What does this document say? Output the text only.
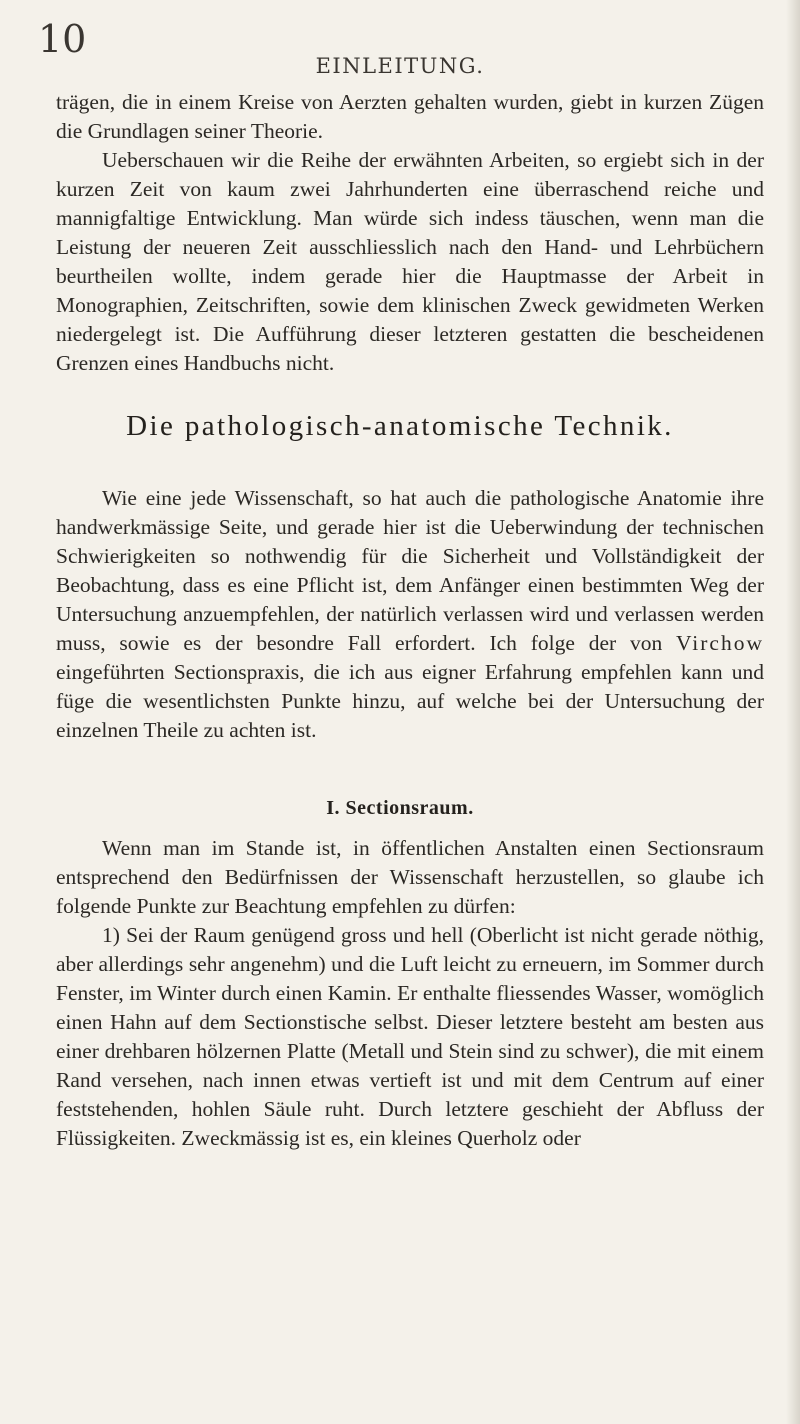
10
EINLEITUNG.

trägen, die in einem Kreise von Aerzten gehalten wurden, giebt in kurzen Zügen die Grundlagen seiner Theorie.

Ueberschauen wir die Reihe der erwähnten Arbeiten, so ergiebt sich in der kurzen Zeit von kaum zwei Jahrhunderten eine überraschend reiche und mannigfaltige Entwicklung. Man würde sich indess täuschen, wenn man die Leistung der neueren Zeit ausschliesslich nach den Hand- und Lehrbüchern beurtheilen wollte, indem gerade hier die Hauptmasse der Arbeit in Monographien, Zeitschriften, sowie dem klinischen Zweck gewidmeten Werken niedergelegt ist. Die Aufführung dieser letzteren gestatten die bescheidenen Grenzen eines Handbuchs nicht.

Die pathologisch-anatomische Technik.

Wie eine jede Wissenschaft, so hat auch die pathologische Anatomie ihre handwerkmässige Seite, und gerade hier ist die Ueberwindung der technischen Schwierigkeiten so nothwendig für die Sicherheit und Vollständigkeit der Beobachtung, dass es eine Pflicht ist, dem Anfänger einen bestimmten Weg der Untersuchung anzuempfehlen, der natürlich verlassen wird und verlassen werden muss, sowie es der besondre Fall erfordert. Ich folge der von Virchow eingeführten Sectionspraxis, die ich aus eigner Erfahrung empfehlen kann und füge die wesentlichsten Punkte hinzu, auf welche bei der Untersuchung der einzelnen Theile zu achten ist.

I. Sectionsraum.

Wenn man im Stande ist, in öffentlichen Anstalten einen Sectionsraum entsprechend den Bedürfnissen der Wissenschaft herzustellen, so glaube ich folgende Punkte zur Beachtung empfehlen zu dürfen:

1) Sei der Raum genügend gross und hell (Oberlicht ist nicht gerade nöthig, aber allerdings sehr angenehm) und die Luft leicht zu erneuern, im Sommer durch Fenster, im Winter durch einen Kamin. Er enthalte fliessendes Wasser, womöglich einen Hahn auf dem Sectionstische selbst. Dieser letztere besteht am besten aus einer drehbaren hölzernen Platte (Metall und Stein sind zu schwer), die mit einem Rand versehen, nach innen etwas vertieft ist und mit dem Centrum auf einer feststehenden, hohlen Säule ruht. Durch letztere geschieht der Abfluss der Flüssigkeiten. Zweckmässig ist es, ein kleines Querholz oder
